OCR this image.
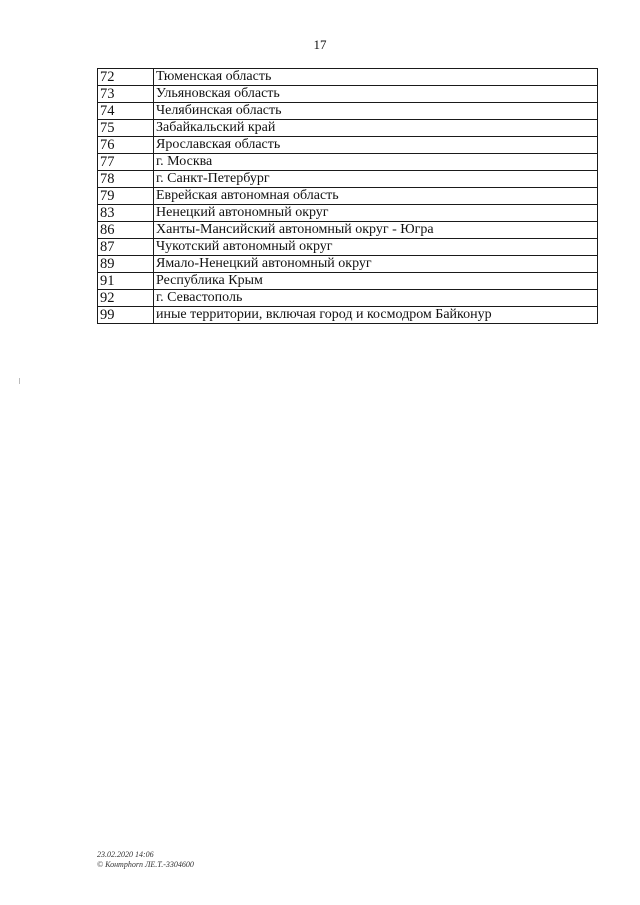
17
72	Тюменская область
73	Ульяновская область
74	Челябинская область
75	Забайкальский край
76	Ярославская область
77	г. Москва
78	г. Санкт-Петербург
79	Еврейская автономная область
83	Ненецкий автономный округ
86	Ханты-Мансийский автономный округ - Югра
87	Чукотский автономный округ
89	Ямало-Ненецкий автономный округ
91	Республика Крым
92	г. Севастополь
99	иные территории, включая город и космодром Байконур
23.02.2020 14:06
© Контрhorn ЛЕ.Т.-3304600
